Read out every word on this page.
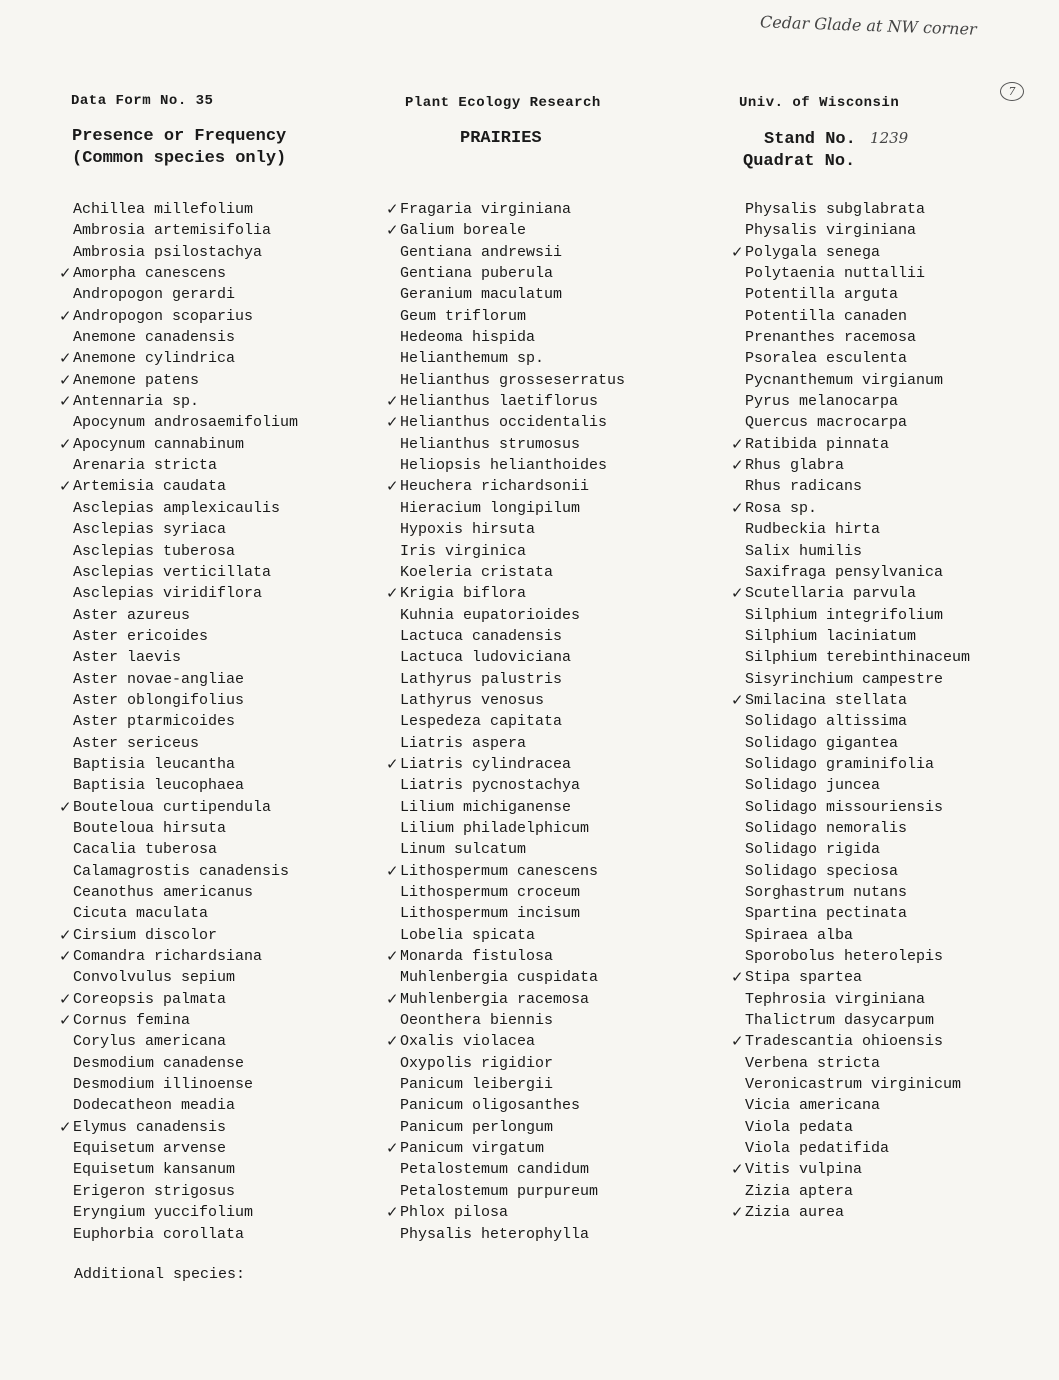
Cedar Glade at NW corner
7
Data Form No. 35	Plant Ecology Research	Univ. of Wisconsin
Presence or Frequency
(Common species only)
PRAIRIES	Stand No. 1239
Quadrat No.
Achillea millefolium
Ambrosia artemisifolia
Ambrosia psilostachya
✓ Amorpha canescens
Andropogon gerardi
✓ Andropogon scoparius
Anemone canadensis
✓ Anemone cylindrica
✓ Anemone patens
✓ Antennaria sp.
Apocynum androsaemifolium
✓ Apocynum cannabinum
Arenaria stricta
✓ Artemisia caudata
Asclepias amplexicaulis
Asclepias syriaca
Asclepias tuberosa
Asclepias verticillata
Asclepias viridiflora
Aster azureus
Aster ericoides
Aster laevis
Aster novae-angliae
Aster oblongifolius
Aster ptarmicoides
Aster sericeus
Baptisia leucantha
Baptisia leucophaea
✓ Bouteloua curtipendula
Bouteloua hirsuta
Cacalia tuberosa
Calamagrostis canadensis
Ceanothus americanus
Cicuta maculata
✓ Cirsium discolor
✓ Comandra richardsiana
Convolvulus sepium
✓ Coreopsis palmata
✓ Cornus femina
Corylus americana
Desmodium canadense
Desmodium illinoense
Dodecatheon meadia
✓ Elymus canadensis
Equisetum arvense
Equisetum kansanum
Erigeron strigosus
Eryngium yuccifolium
Euphorbia corollata
✓ Fragaria virginiana
✓ Galium boreale
Gentiana andrewsii
Gentiana puberula
Geranium maculatum
Geum triflorum
Hedeoma hispida
Helianthemum sp.
Helianthus grosseserratus
✓ Helianthus laetiflorus
✓ Helianthus occidentalis
Helianthus strumosus
Heliopsis helianthoides
✓ Heuchera richardsonii
Hieracium longipilum
Hypoxis hirsuta
Iris virginica
Koeleria cristata
✓ Krigia biflora
Kuhnia eupatorioides
Lactuca canadensis
Lactuca ludoviciana
Lathyrus palustris
Lathyrus venosus
Lespedeza capitata
Liatris aspera
✓ Liatris cylindracea
Liatris pycnostachya
Lilium michiganense
Lilium philadelphicum
Linum sulcatum
✓ Lithospermum canescens
Lithospermum croceum
Lithospermum incisum
Lobelia spicata
✓ Monarda fistulosa
Muhlenbergia cuspidata
✓ Muhlenbergia racemosa
Oeonthera biennis
✓ Oxalis violacea
Oxypolis rigidior
Panicum leibergii
Panicum oligosanthes
Panicum perlongum
✓ Panicum virgatum
Petalostemum candidum
Petalostemum purpureum
✓ Phlox pilosa
Physalis heterophylla
Physalis subglabrata
Physalis virginiana
✓ Polygala senega
Polytaenia nuttallii
Potentilla arguta
Potentilla canaden
Prenanthes racemosa
Psoralea esculenta
Pycnanthemum virgianum
Pyrus melanocarpa
Quercus macrocarpa
✓ Ratibida pinnata
✓ Rhus glabra
Rhus radicans
✓ Rosa sp.
Rudbeckia hirta
Salix humilis
Saxifraga pensylvanica
✓ Scutellaria parvula
Silphium integrifolium
Silphium laciniatum
Silphium terebinthinaceum
Sisyrinchium campestre
✓ Smilacina stellata
Solidago altissima
Solidago gigantea
Solidago graminifolia
Solidago juncea
Solidago missouriensis
Solidago nemoralis
Solidago rigida
Solidago speciosa
Sorghastrum nutans
Spartina pectinata
Spiraea alba
Sporobolus heterolepis
✓ Stipa spartea
Tephrosia virginiana
Thalictrum dasycarpum
✓ Tradescantia ohioensis
Verbena stricta
Veronicastrum virginicum
Vicia americana
Viola pedata
Viola pedatifida
✓ Vitis vulpina
Zizia aptera
✓ Zizia aurea
Additional species:
